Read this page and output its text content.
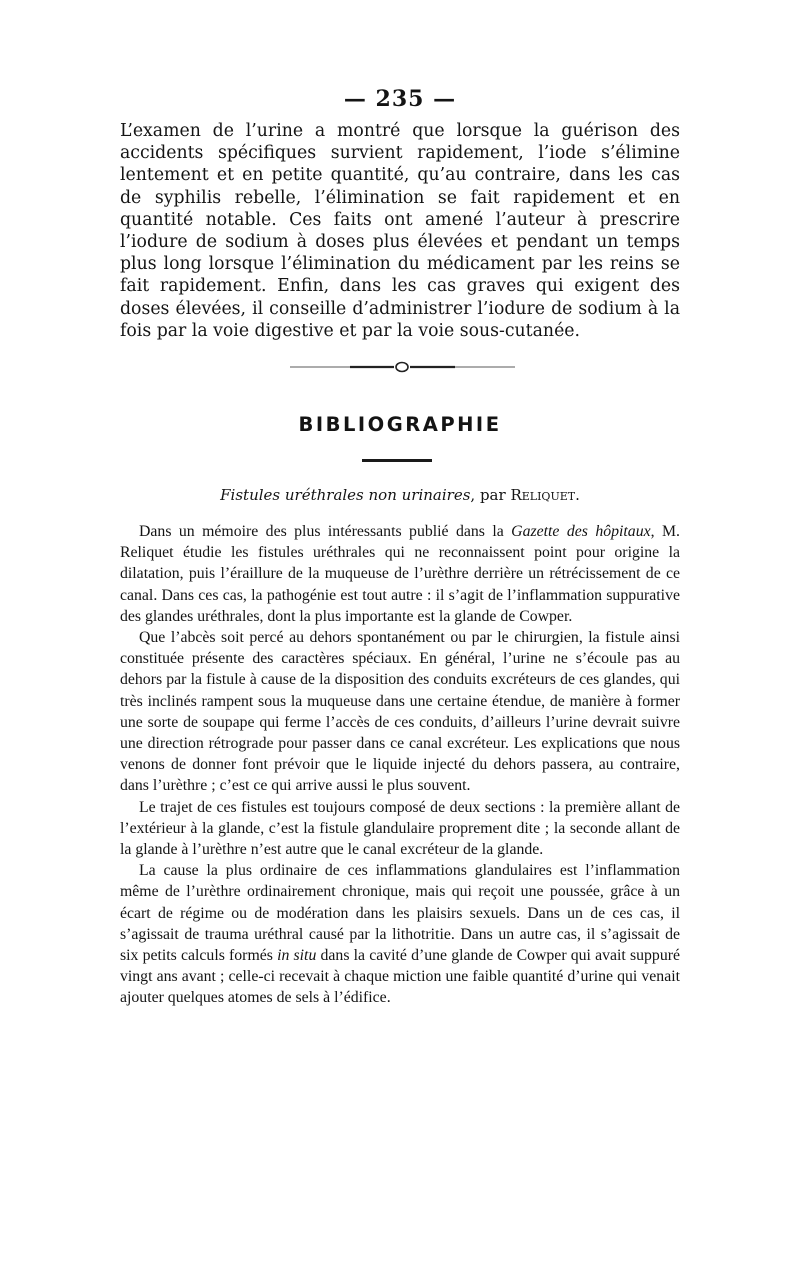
— 235 —

L’examen de l’urine a montré que lorsque la guérison des accidents spécifiques survient rapidement, l’iode s’élimine lentement et en petite quantité, qu’au contraire, dans les cas de syphilis rebelle, l’élimination se fait rapidement et en quantité notable. Ces faits ont amené l’auteur à prescrire l’iodure de sodium à doses plus élevées et pendant un temps plus long lorsque l’élimination du médicament par les reins se fait rapidement. Enfin, dans les cas graves qui exigent des doses élevées, il conseille d’administrer l’iodure de sodium à la fois par la voie digestive et par la voie sous-cutanée.

BIBLIOGRAPHIE
Fistules uréthrales non urinaires, par Reliquet.

Dans un mémoire des plus intéressants publié dans la Gazette des hôpitaux, M. Reliquet étudie les fistules uréthrales qui ne reconnaissent point pour origine la dilatation, puis l’éraillure de la muqueuse de l’urèthre derrière un rétrécissement de ce canal. Dans ces cas, la pathogénie est tout autre : il s’agit de l’inflammation suppurative des glandes uréthrales, dont la plus importante est la glande de Cowper.

Que l’abcès soit percé au dehors spontanément ou par le chirurgien, la fistule ainsi constituée présente des caractères spéciaux. En général, l’urine ne s’écoule pas au dehors par la fistule à cause de la disposition des conduits excréteurs de ces glandes, qui très inclinés rampent sous la muqueuse dans une certaine étendue, de manière à former une sorte de soupape qui ferme l’accès de ces conduits, d’ailleurs l’urine devrait suivre une direction rétrograde pour passer dans ce canal excréteur. Les explications que nous venons de donner font prévoir que le liquide injecté du dehors passera, au contraire, dans l’urèthre ; c’est ce qui arrive aussi le plus souvent.

Le trajet de ces fistules est toujours composé de deux sections : la première allant de l’extérieur à la glande, c’est la fistule glandulaire proprement dite ; la seconde allant de la glande à l’urèthre n’est autre que le canal excréteur de la glande.

La cause la plus ordinaire de ces inflammations glandulaires est l’inflammation même de l’urèthre ordinairement chronique, mais qui reçoit une poussée, grâce à un écart de régime ou de modération dans les plaisirs sexuels. Dans un de ces cas, il s’agissait de trauma uréthral causé par la lithotritie. Dans un autre cas, il s’agissait de six petits calculs formés in situ dans la cavité d’une glande de Cowper qui avait suppuré vingt ans avant ; celle-ci recevait à chaque miction une faible quantité d’urine qui venait ajouter quelques atomes de sels à l’édifice.
